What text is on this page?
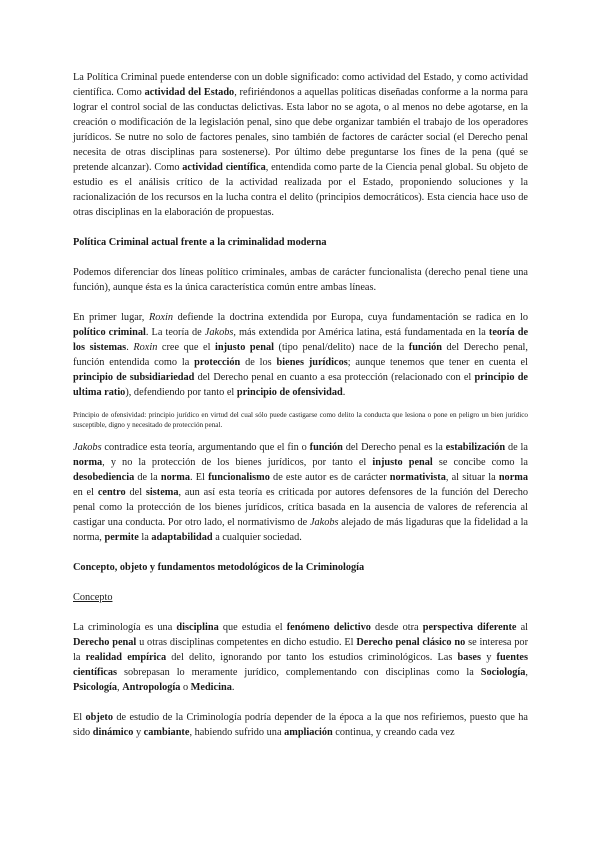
La Política Criminal puede entenderse con un doble significado: como actividad del Estado, y como actividad científica. Como actividad del Estado, refiriéndonos a aquellas políticas diseñadas conforme a la norma para lograr el control social de las conductas delictivas. Esta labor no se agota, o al menos no debe agotarse, en la creación o modificación de la legislación penal, sino que debe organizar también el trabajo de los operadores jurídicos. Se nutre no solo de factores penales, sino también de factores de carácter social (el Derecho penal necesita de otras disciplinas para sostenerse). Por último debe preguntarse los fines de la pena (qué se pretende alcanzar). Como actividad científica, entendida como parte de la Ciencia penal global. Su objeto de estudio es el análisis crítico de la actividad realizada por el Estado, proponiendo soluciones y la racionalización de los recursos en la lucha contra el delito (principios democráticos). Esta ciencia hace uso de otras disciplinas en la elaboración de propuestas.

Política Criminal actual frente a la criminalidad moderna

Podemos diferenciar dos líneas político criminales, ambas de carácter funcionalista (derecho penal tiene una función), aunque ésta es la única característica común entre ambas líneas.

En primer lugar, Roxin defiende la doctrina extendida por Europa, cuya fundamentación se radica en lo político criminal. La teoría de Jakobs, más extendida por América latina, está fundamentada en la teoría de los sistemas. Roxin cree que el injusto penal (tipo penal/delito) nace de la función del Derecho penal, función entendida como la protección de los bienes jurídicos; aunque tenemos que tener en cuenta el principio de subsidiariedad del Derecho penal en cuanto a esa protección (relacionado con el principio de ultima ratio), defendiendo por tanto el principio de ofensividad.

Principio de ofensividad: principio jurídico en virtud del cual sólo puede castigarse como delito la conducta que lesiona o pone en peligro un bien jurídico susceptible, digno y necesitado de protección penal.

Jakobs contradice esta teoría, argumentando que el fin o función del Derecho penal es la estabilización de la norma, y no la protección de los bienes jurídicos, por tanto el injusto penal se concibe como la desobediencia de la norma. El funcionalismo de este autor es de carácter normativista, al situar la norma en el centro del sistema, aun así esta teoría es criticada por autores defensores de la función del Derecho penal como la protección de los bienes jurídicos, crítica basada en la ausencia de valores de referencia al castigar una conducta. Por otro lado, el normativismo de Jakobs alejado de más ligaduras que la fidelidad a la norma, permite la adaptabilidad a cualquier sociedad.

Concepto, objeto y fundamentos metodológicos de la Criminología

Concepto

La criminología es una disciplina que estudia el fenómeno delictivo desde otra perspectiva diferente al Derecho penal u otras disciplinas competentes en dicho estudio. El Derecho penal clásico no se interesa por la realidad empírica del delito, ignorando por tanto los estudios criminológicos. Las bases y fuentes científicas sobrepasan lo meramente jurídico, complementando con disciplinas como la Sociología, Psicología, Antropología o Medicina.

El objeto de estudio de la Criminología podría depender de la época a la que nos refiriemos, puesto que ha sido dinámico y cambiante, habiendo sufrido una ampliación continua, y creando cada vez
